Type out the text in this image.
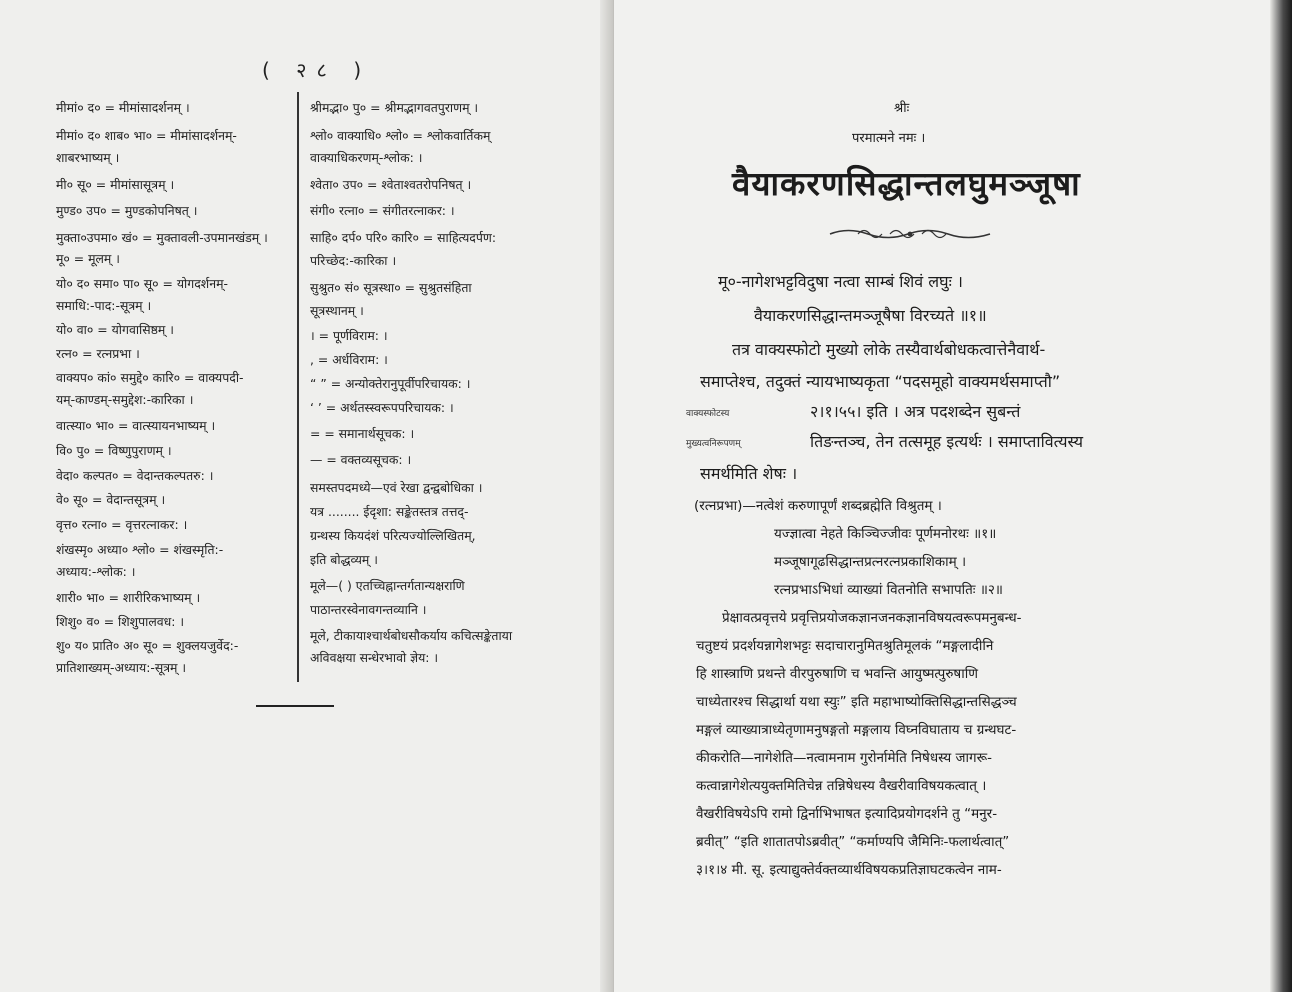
( २८ )
मीमां० द० = मीमांसादर्शनम् ।
मीमां० द० शाब० भा० = मीमांसादर्शनम्-
शाबरभाष्यम् ।
मी० सू० = मीमांसासूत्रम् ।
मुण्ड० उप० = मुण्डकोपनिषत् ।
मुक्ता०उपमा० खं० = मुक्तावली-उपमानखंडम् ।
मू० = मूलम् ।
यो० द० समा० पा० सू० = योगदर्शनम्-
समाधि:-पाद:-सूत्रम् ।
यो० वा० = योगवासिष्ठम् ।
रत्न० = रत्नप्रभा ।
वाक्यप० कां० समुद्दे० कारि० = वाक्यपदी-
यम्-काण्डम्-समुद्देश:-कारिका ।
वात्स्या० भा० = वात्स्यायनभाष्यम् ।
वि० पु० = विष्णुपुराणम् ।
वेदा० कल्पत० = वेदान्तकल्पतरु: ।
वे० सू० = वेदान्तसूत्रम् ।
वृत्त० रत्ना० = वृत्तरत्नाकर: ।
शंखस्मृ० अध्या० श्लो० = शंखस्मृति:-
अध्याय:-श्लोक: ।
शारी० भा० = शारीरिकभाष्यम् ।
शिशु० व० = शिशुपालवध: ।
शु० य० प्राति० अ० सू० = शुक्लयजुर्वेद:-
प्रातिशाख्यम्-अध्याय:-सूत्रम् ।
श्रीमद्भा० पु० = श्रीमद्भागवतपुराणम् ।
श्लो० वाक्याधि० श्लो० = श्लोकवार्तिकम्
वाक्याधिकरणम्-श्लोक: ।
श्वेता० उप० = श्वेताश्वतरोपनिषत् ।
संगी० रत्ना० = संगीतरत्नाकर: ।
साहि० दर्प० परि० कारि० = साहित्यदर्पण:
परिच्छेद:-कारिका ।
सुश्रुत० सं० सूत्रस्था० = सुश्रुतसंहिता
सूत्रस्थानम् ।
। = पूर्णविराम: ।
, = अर्धविराम: ।
“ ” = अन्योक्तेरानुपूर्वीपरिचायक: ।
‘ ’ = अर्थतस्स्वरूपपरिचायक: ।
= = समानार्थसूचक: ।
— = वक्तव्यसूचक: ।
समस्तपदमध्ये—एवं रेखा द्वन्द्वबोधिका ।
यत्र ........ ईदृशा: सङ्केतस्तत्र तत्तद्-
ग्रन्थस्य कियदंशं परित्यज्योल्लिखितम्,
इति बोद्धव्यम् ।
मूले—( ) एतच्चिह्नान्तर्गतान्यक्षराणि
पाठान्तरस्वेनावगन्तव्यानि ।
मूले, टीकायाश्चार्थबोधसौकर्याय कचित्सङ्केताया
अविवक्षया सन्धेरभावो ज्ञेय: ।
श्रीः
परमात्मने नमः ।
वैयाकरणसिद्धान्तलघुमञ्जूषा
मू०-नागेशभट्टविदुषा नत्वा साम्बं शिवं लघुः ।
वैयाकरणसिद्धान्तमञ्जूषैषा विरच्यते ॥१॥
तत्र वाक्यस्फोटो मुख्यो लोके तस्यैवार्थबोधकत्वात्तेनैवार्थ-
समाप्तेश्च, तदुक्तं न्यायभाष्यकृता “पदसमूहो वाक्यमर्थसमाप्तौ”
वाक्यस्फोटस्य	२।१।५५। इति । अत्र पदशब्देन सुबन्तं
मुख्यत्वनिरूपणम्	तिङन्तञ्च, तेन तत्समूह इत्यर्थः । समाप्तावित्यस्य
समर्थमिति शेषः ।
(रत्नप्रभा)—नत्वेशं करुणापूर्णं शब्दब्रह्मेति विश्रुतम् ।
यज्ज्ञात्वा नेहते किञ्चिज्जीवः पूर्णमनोरथः ॥१॥
मञ्जूषागूढसिद्धान्तप्रत्नरत्नप्रकाशिकाम् ।
रत्नप्रभाऽभिधां व्याख्यां वितनोति सभापतिः ॥२॥
प्रेक्षावत्प्रवृत्तये प्रवृत्तिप्रयोजकज्ञानजनकज्ञानविषयत्वरूपमनुबन्ध-
चतुष्टयं प्रदर्शयन्नागेशभट्टः सदाचारानुमितश्रुतिमूलकं “मङ्गलादीनि
हि शास्त्राणि प्रथन्ते वीरपुरुषाणि च भवन्ति आयुष्मत्पुरुषाणि
चाध्येतारश्च सिद्धार्था यथा स्युः” इति महाभाष्योक्तिसिद्धान्तसिद्धञ्च
मङ्गलं व्याख्यात्राध्येतृणामनुषङ्गतो मङ्गलाय विघ्नविघाताय च ग्रन्थघट-
कीकरोति—नागेशेति—नत्वामनाम गुरोर्नामेति निषेधस्य जागरू-
कत्वान्नागेशेत्ययुक्तमितिचेन्न तन्निषेधस्य वैखरीवाविषयकत्वात् ।
वैखरीविषयेऽपि रामो द्विर्नाभिभाषत इत्यादिप्रयोगदर्शने तु “मनुर-
ब्रवीत्” “इति शातातपोऽब्रवीत्” “कर्माण्यपि जैमिनिः-फलार्थत्वात्”
३।१।४ मी. सू. इत्याद्युक्तेर्वक्तव्यार्थविषयकप्रतिज्ञाघटकत्वेन नाम-
